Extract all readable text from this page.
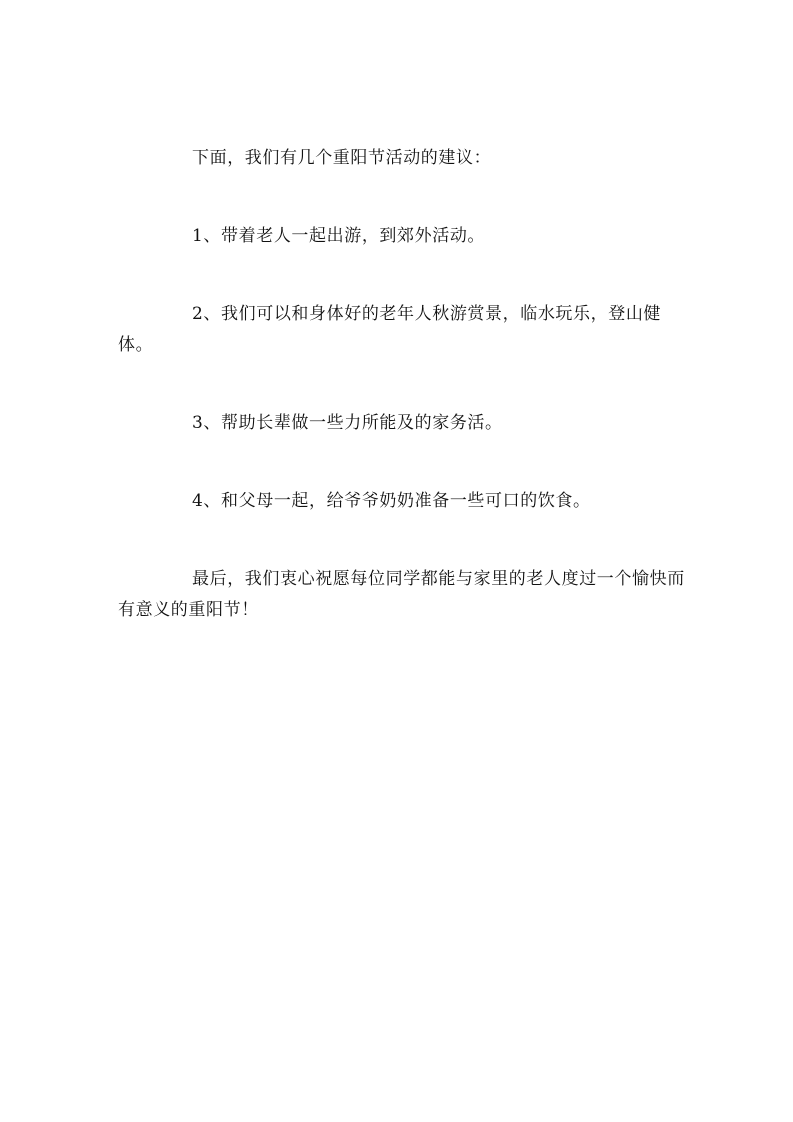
下面，我们有几个重阳节活动的建议：

1、带着老人一起出游，到郊外活动。

2、我们可以和身体好的老年人秋游赏景，临水玩乐，登山健体。

3、帮助长辈做一些力所能及的家务活。

4、和父母一起，给爷爷奶奶准备一些可口的饮食。

最后，我们衷心祝愿每位同学都能与家里的老人度过一个愉快而有意义的重阳节！
